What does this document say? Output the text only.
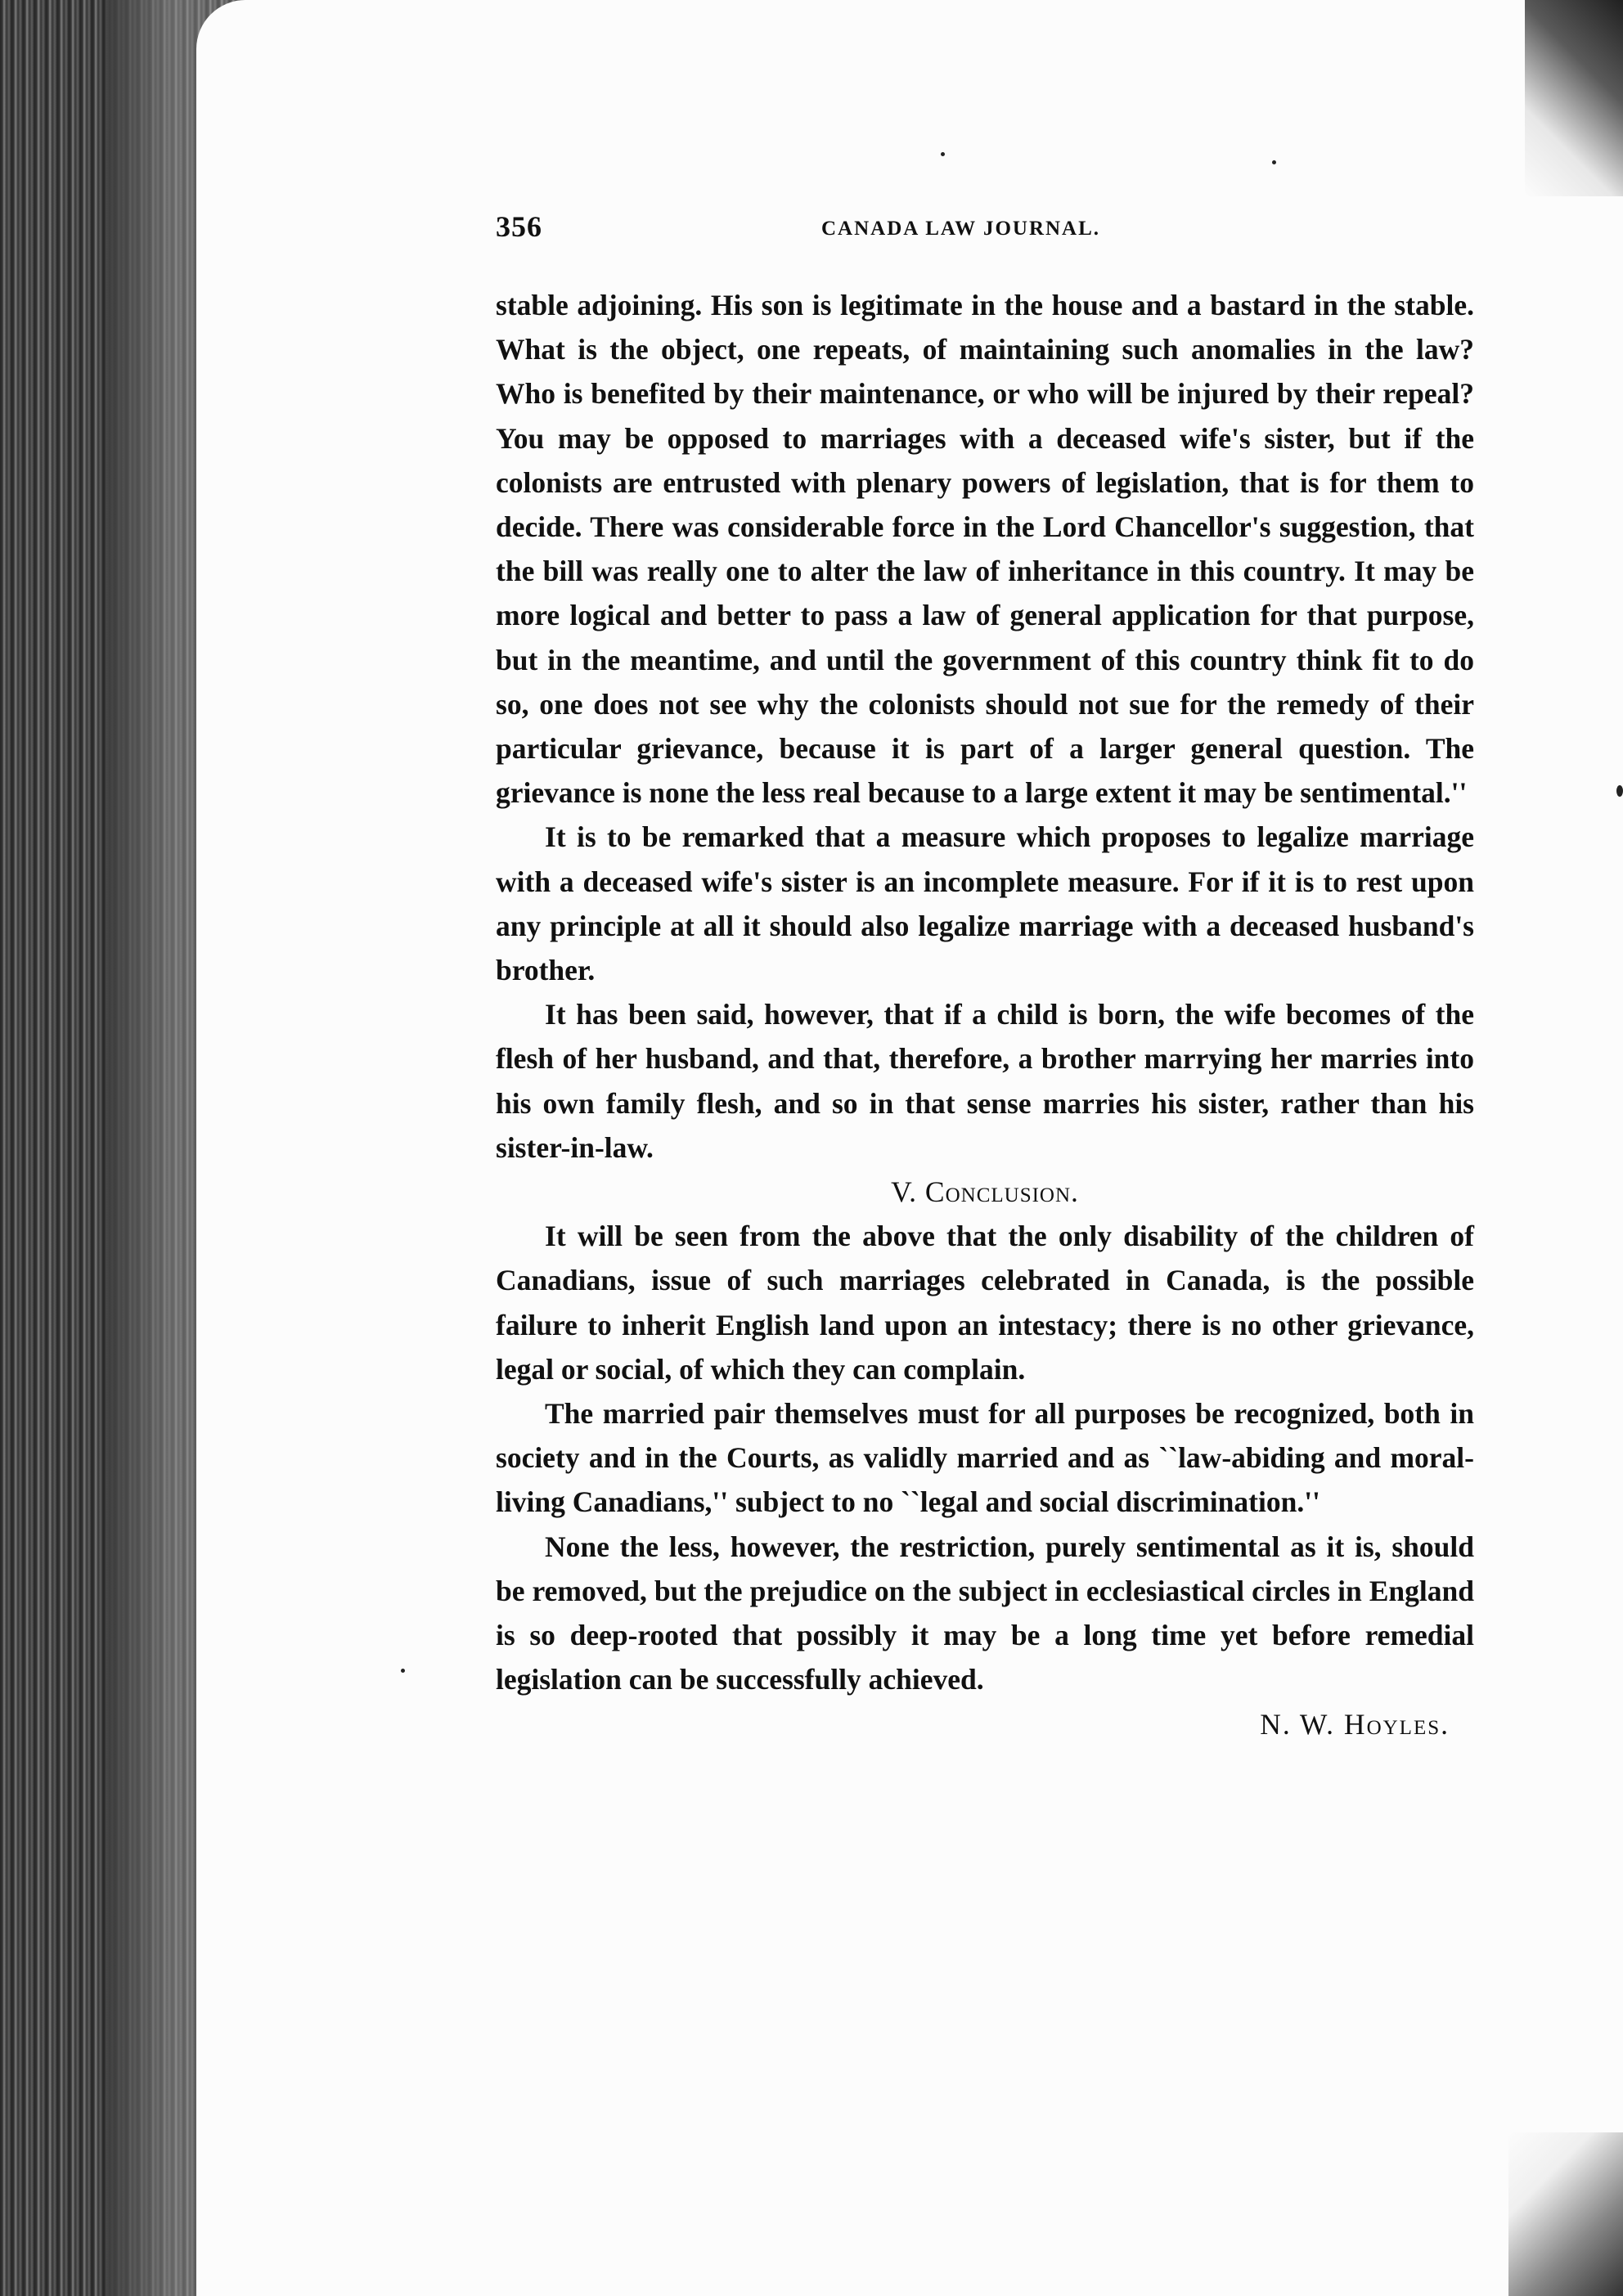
356	CANADA LAW JOURNAL.

stable adjoining. His son is legitimate in the house and a bastard in the stable. What is the object, one repeats, of maintaining such anomalies in the law? Who is benefited by their maintenance, or who will be injured by their repeal? You may be opposed to marriages with a deceased wife's sister, but if the colonists are entrusted with plenary powers of legislation, that is for them to decide. There was considerable force in the Lord Chancellor's suggestion, that the bill was really one to alter the law of inheritance in this country. It may be more logical and better to pass a law of general application for that purpose, but in the meantime, and until the government of this country think fit to do so, one does not see why the colonists should not sue for the remedy of their particular grievance, because it is part of a larger general question. The grievance is none the less real because to a large extent it may be sentimental.''

It is to be remarked that a measure which proposes to legalize marriage with a deceased wife's sister is an incomplete measure. For if it is to rest upon any principle at all it should also legalize marriage with a deceased husband's brother.

It has been said, however, that if a child is born, the wife becomes of the flesh of her husband, and that, therefore, a brother marrying her marries into his own family flesh, and so in that sense marries his sister, rather than his sister-in-law.

V. Conclusion.

It will be seen from the above that the only disability of the children of Canadians, issue of such marriages celebrated in Canada, is the possible failure to inherit English land upon an intestacy; there is no other grievance, legal or social, of which they can complain.

The married pair themselves must for all purposes be recognized, both in society and in the Courts, as validly married and as ``law-abiding and moral-living Canadians,'' subject to no ``legal and social discrimination.''

None the less, however, the restriction, purely sentimental as it is, should be removed, but the prejudice on the subject in ecclesiastical circles in England is so deep-rooted that possibly it may be a long time yet before remedial legislation can be successfully achieved.

N. W. Hoyles.
